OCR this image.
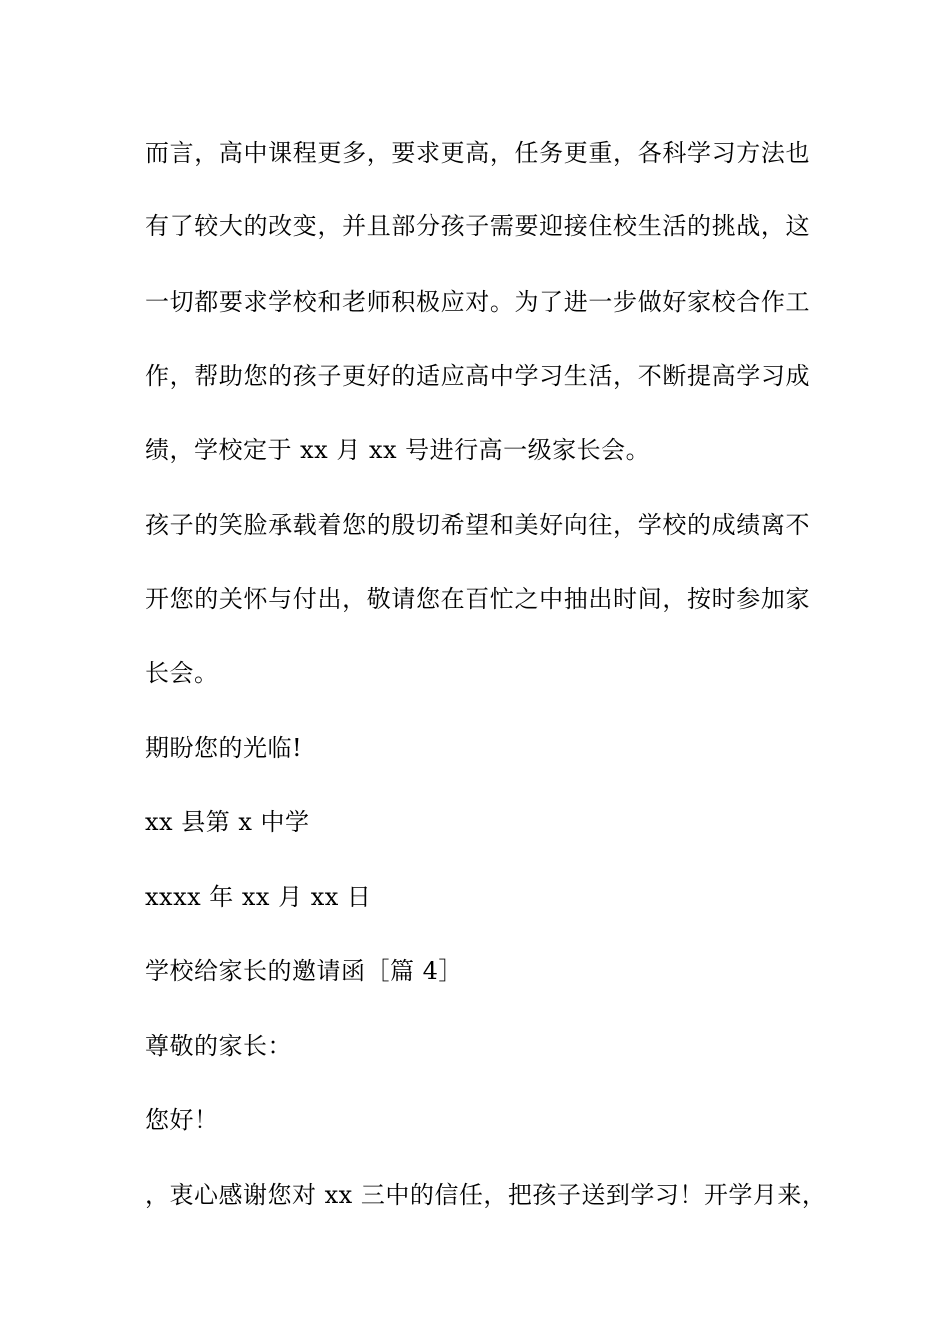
而言，高中课程更多，要求更高，任务更重，各科学习方法也
有了较大的改变，并且部分孩子需要迎接住校生活的挑战，这
一切都要求学校和老师积极应对。为了进一步做好家校合作工
作，帮助您的孩子更好的适应高中学习生活，不断提高学习成
绩，学校定于 xx 月 xx 号进行高一级家长会。
孩子的笑脸承载着您的殷切希望和美好向往，学校的成绩离不
开您的关怀与付出，敬请您在百忙之中抽出时间，按时参加家
长会。
期盼您的光临!
xx 县第 x 中学
xxxx 年 xx 月 xx 日
学校给家长的邀请函［篇 4］
尊敬的家长：
您好！
，衷心感谢您对 xx 三中的信任，把孩子送到学习！开学月来，
